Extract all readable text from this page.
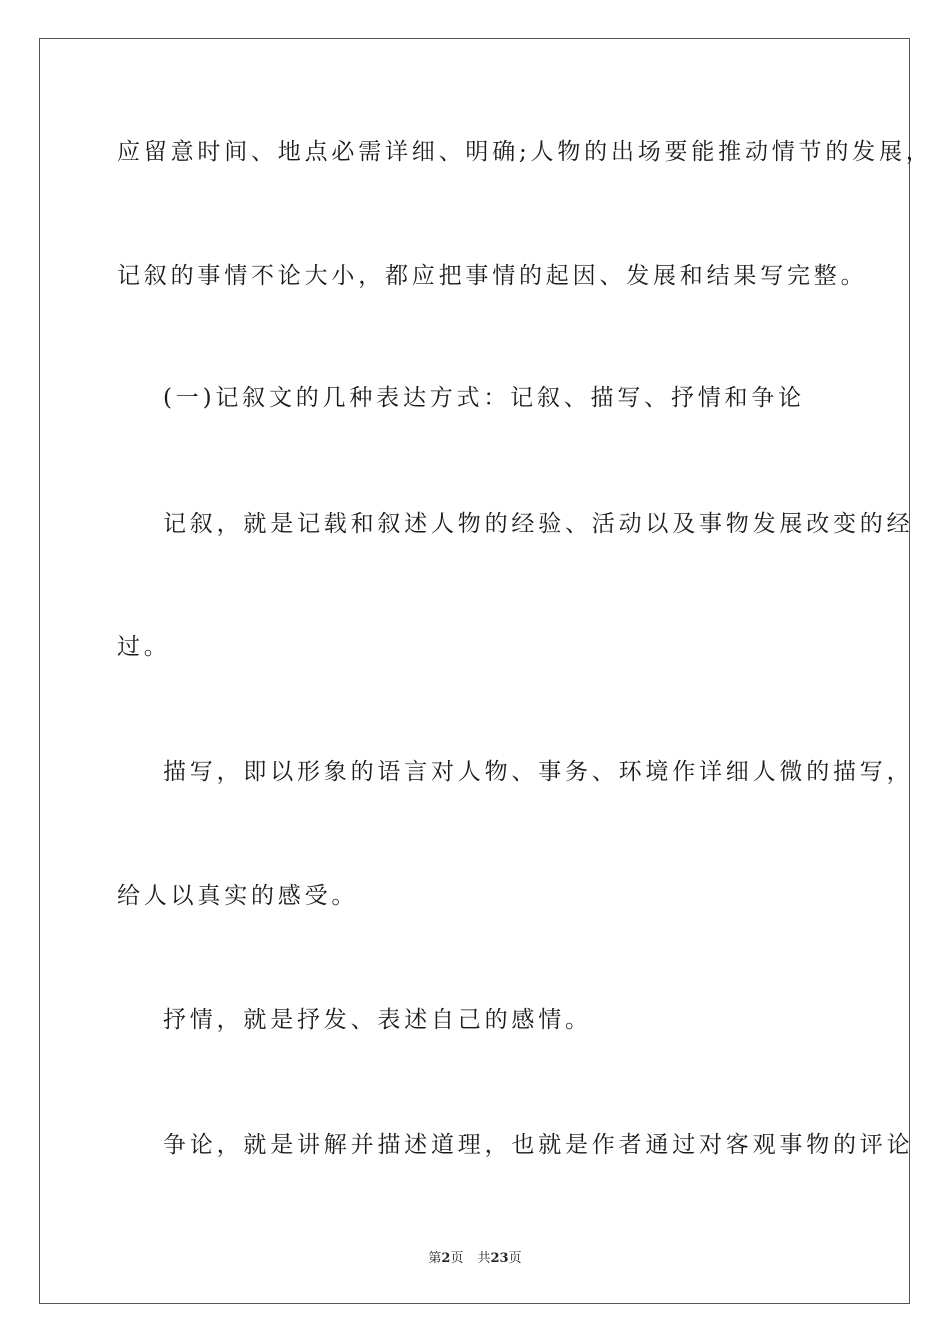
应留意时间、地点必需详细、明确;人物的出场要能推动情节的发展，

记叙的事情不论大小，都应把事情的起因、发展和结果写完整。

(一)记叙文的几种表达方式：记叙、描写、抒情和争论

记叙，就是记载和叙述人物的经验、活动以及事物发展改变的经

过。

描写，即以形象的语言对人物、事务、环境作详细人微的描写，

给人以真实的感受。

抒情，就是抒发、表述自己的感情。

争论，就是讲解并描述道理，也就是作者通过对客观事物的评论

第2页 共23页
